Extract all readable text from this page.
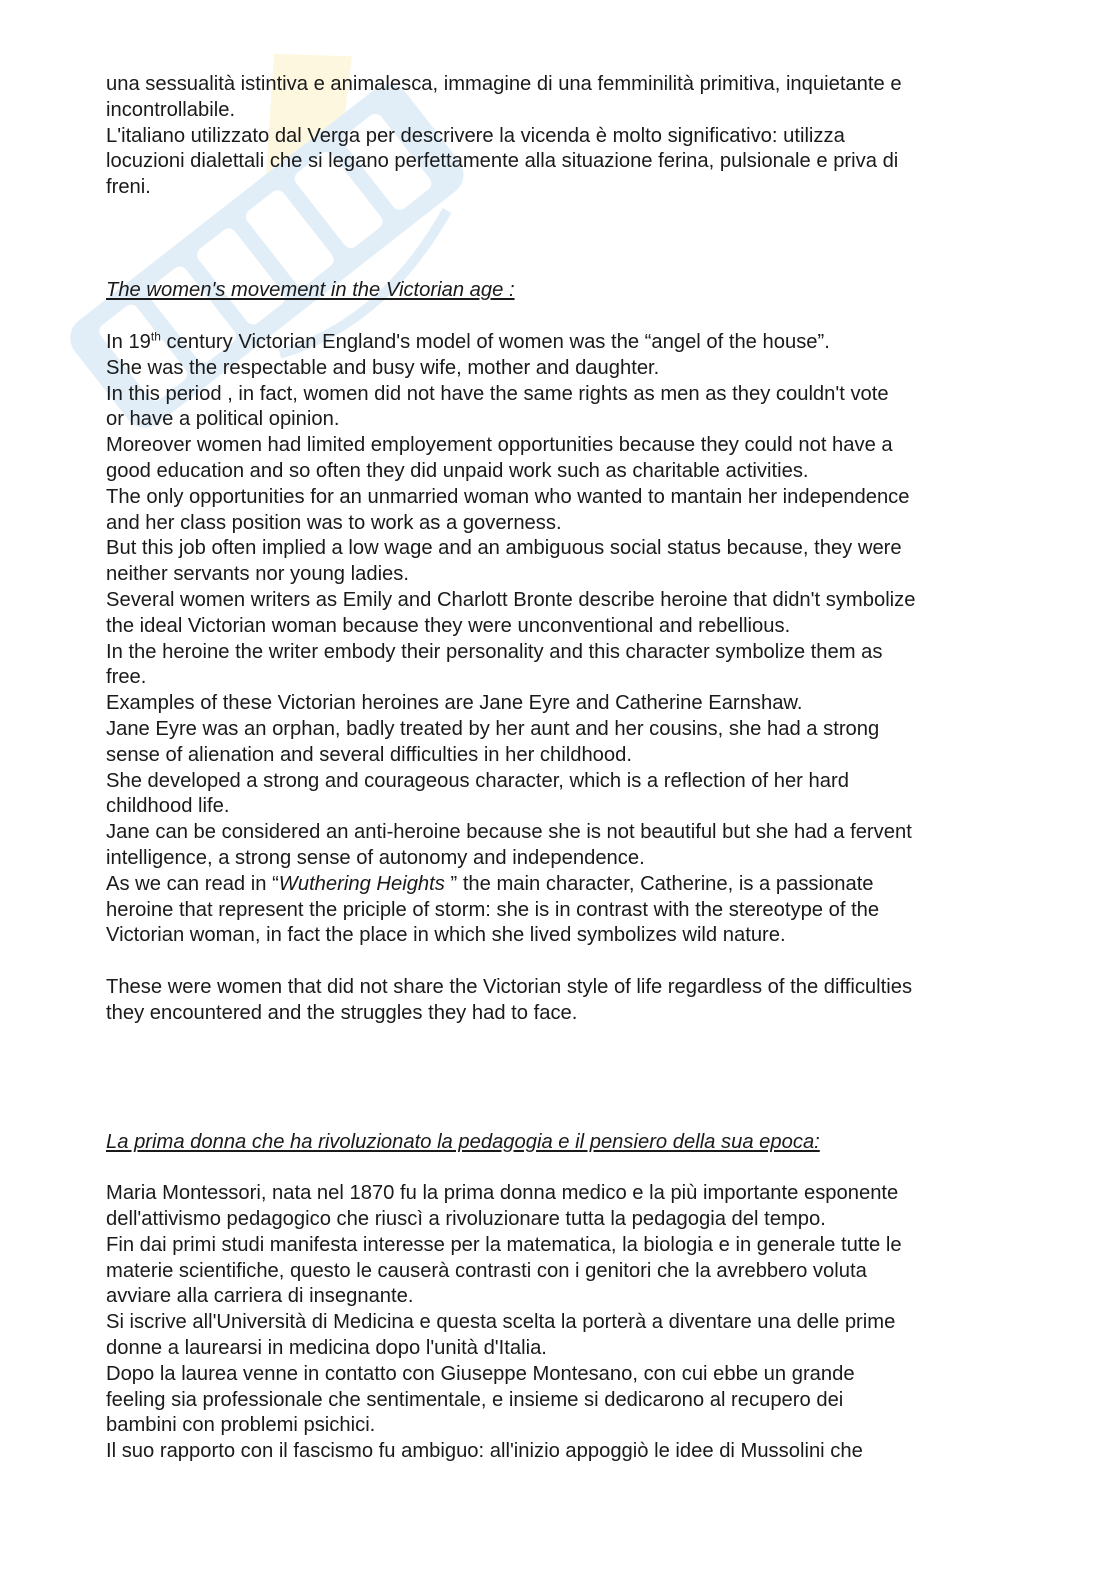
una sessualità istintiva e animalesca, immagine di una femminilità primitiva, inquietante e
incontrollabile.
L'italiano utilizzato dal Verga per descrivere la vicenda è molto significativo: utilizza
locuzioni dialettali che si legano perfettamente alla situazione ferina, pulsionale e priva di
freni.
The women's movement in the Victorian age :
In 19th century Victorian England's model of women was the “angel of the house”.
She was the respectable and busy wife, mother and daughter.
In this period , in fact, women did not have the same rights as men as they couldn't vote
or have a political opinion.
Moreover women had limited employement opportunities because they could not have a
good education and so often they did unpaid work such as charitable activities.
The only opportunities for an unmarried woman who wanted to mantain her independence
and her class position was to work as a governess.
But this job often implied a low wage and an ambiguous social status because, they were
neither servants nor young ladies.
Several women writers as Emily and Charlott Bronte describe heroine that didn't symbolize
the ideal Victorian woman because they were unconventional and rebellious.
In the heroine the writer embody their personality and this character symbolize them as
free.
Examples of these Victorian heroines are Jane Eyre and Catherine Earnshaw.
Jane Eyre was an orphan, badly treated by her aunt and her cousins, she had a strong
sense of alienation and several difficulties in her childhood.
She developed a strong and courageous character, which is a reflection of her hard
childhood life.
Jane can be considered an anti-heroine because she is not beautiful but she had a fervent
intelligence, a strong sense of autonomy and independence.
As we can read in “Wuthering Heights ” the main character, Catherine, is a passionate
heroine that represent the priciple of storm: she is in contrast with the stereotype of the
Victorian woman, in fact the place in which she lived symbolizes wild nature.
These were women that did not share the Victorian style of life regardless of the difficulties
they encountered and the struggles they had to face.
La prima donna che ha rivoluzionato la pedagogia e il pensiero della sua epoca:
Maria Montessori, nata nel 1870 fu la prima donna medico e la più importante esponente
dell'attivismo pedagogico che riuscì a rivoluzionare tutta la pedagogia del tempo.
Fin dai primi studi manifesta interesse per la matematica, la biologia e in generale tutte le
materie scientifiche, questo le causerà contrasti con i genitori che la avrebbero voluta
avviare alla carriera di insegnante.
Si iscrive all'Università di Medicina e questa scelta la porterà a diventare una delle prime
donne a laurearsi in medicina dopo l'unità d'Italia.
Dopo la laurea venne in contatto con Giuseppe Montesano, con cui ebbe un grande
feeling sia professionale che sentimentale, e insieme si dedicarono al recupero dei
bambini con problemi psichici.
Il suo rapporto con il fascismo fu ambiguo: all'inizio appoggiò le idee di Mussolini che
